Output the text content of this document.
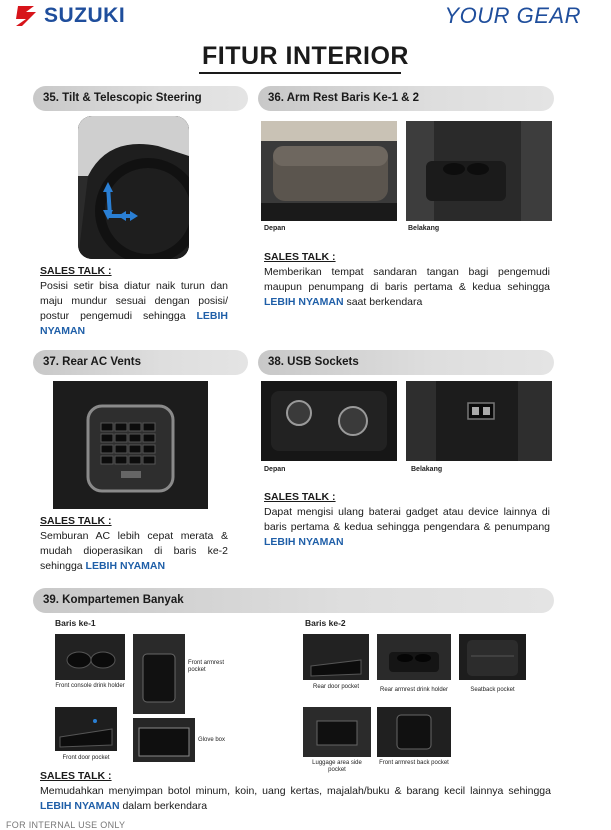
SUZUKI	YOUR GEAR
FITUR INTERIOR
35. Tilt & Telescopic Steering
SALES TALK :
Posisi setir bisa diatur naik turun dan maju mundur sesuai dengan posisi/ postur pengemudi sehingga LEBIH NYAMAN
36. Arm Rest Baris Ke-1 & 2
Depan	Belakang
SALES TALK :
Memberikan tempat sandaran tangan bagi pengemudi maupun penumpang di baris pertama & kedua sehingga LEBIH NYAMAN saat berkendara
37. Rear AC Vents
SALES TALK :
Semburan AC lebih cepat merata & mudah dioperasikan di baris ke-2 sehingga LEBIH NYAMAN
38. USB Sockets
Depan	Belakang
SALES TALK :
Dapat mengisi ulang baterai gadget atau device lainnya di baris pertama & kedua sehingga pengendara & penumpang LEBIH NYAMAN
39. Kompartemen Banyak
Baris ke-1	Baris ke-2
Front console drink holder
Front armrest pocket
Front door pocket
Glove box
Rear door pocket	Rear armrest drink holder	Seatback pocket
Luggage area side pocket
Front armrest back pocket
SALES TALK :
Memudahkan menyimpan botol minum, koin, uang kertas, majalah/buku & barang kecil lainnya sehingga LEBIH NYAMAN dalam berkendara
FOR INTERNAL USE ONLY
